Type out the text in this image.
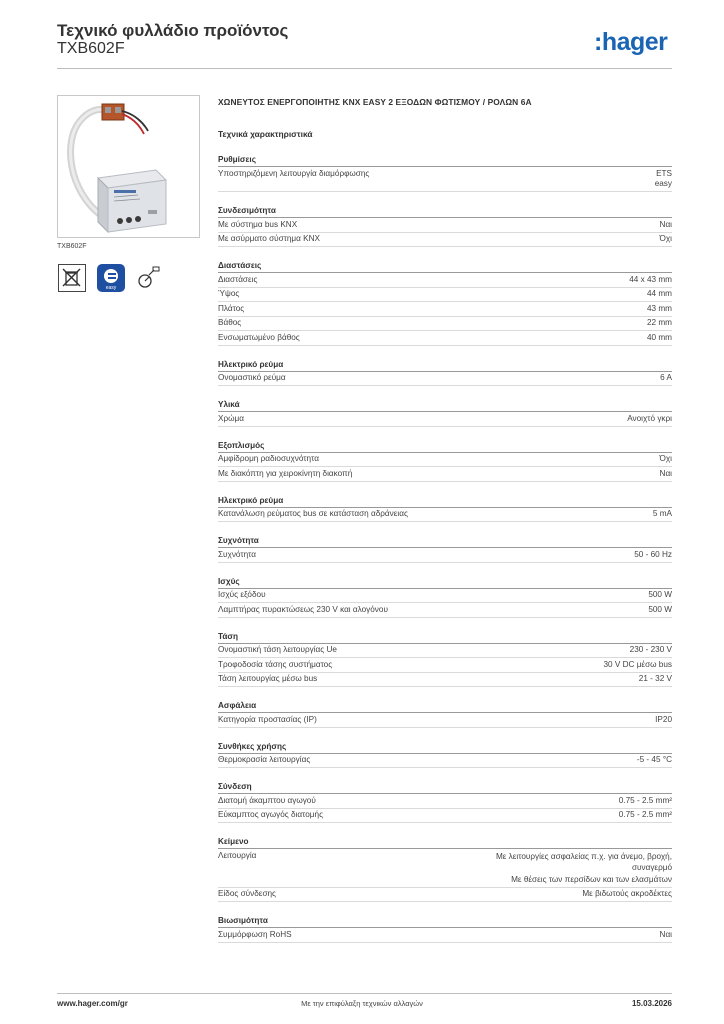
Τεχνικό φυλλάδιο προϊόντος
TXB602F	:hager
TXB602F
easy
ΧΩΝΕΥΤΟΣ ΕΝΕΡΓΟΠΟΙΗΤΗΣ KNX EASY 2 ΕΞΟΔΩΝ ΦΩΤΙΣΜΟΥ / ΡΟΛΩΝ 6A
Τεχνικά χαρακτηριστικά
Ρυθμίσεις
Υποστηριζόμενη λειτουργία διαμόρφωσης	ETS
easy
Συνδεσιμότητα
Με σύστημα bus KNX	Ναι
Με ασύρματο σύστημα KNX	Όχι
Διαστάσεις
Διαστάσεις	44 x 43 mm
Ύψος	44 mm
Πλάτος	43 mm
Βάθος	22 mm
Ενσωματωμένο βάθος	40 mm
Ηλεκτρικό ρεύμα
Ονομαστικό ρεύμα	6 A
Υλικά
Χρώμα	Ανοιχτό γκρι
Εξοπλισμός
Αμφίδρομη ραδιοσυχνότητα	Όχι
Με διακόπτη για χειροκίνητη διακοπή	Ναι
Ηλεκτρικό ρεύμα
Κατανάλωση ρεύματος bus σε κατάσταση αδράνειας	5 mA
Συχνότητα
Συχνότητα	50 - 60 Hz
Ισχύς
Ισχύς εξόδου	500 W
Λαμπτήρας πυρακτώσεως 230 V και αλογόνου	500 W
Τάση
Ονομαστική τάση λειτουργίας Ue	230 - 230 V
Τροφοδοσία τάσης συστήματος	30 V DC μέσω bus
Τάση λειτουργίας μέσω bus	21 - 32 V
Ασφάλεια
Κατηγορία προστασίας (IP)	IP20
Συνθήκες χρήσης
Θερμοκρασία λειτουργίας	-5 - 45 °C
Σύνδεση
Διατομή άκαμπτου αγωγού	0.75 - 2.5 mm²
Εύκαμπτος αγωγός διατομής	0.75 - 2.5 mm²
Κείμενο
Λειτουργία	Με λειτουργίες ασφαλείας π.χ. για άνεμο, βροχή,
συναγερμό
Με θέσεις των περσίδων και των ελασμάτων
Είδος σύνδεσης	Με βιδωτούς ακροδέκτες
Βιωσιμότητα
Συμμόρφωση RoHS	Ναι
www.hager.com/gr	Με την επιφύλαξη τεχνικών αλλαγών	15.03.2026
